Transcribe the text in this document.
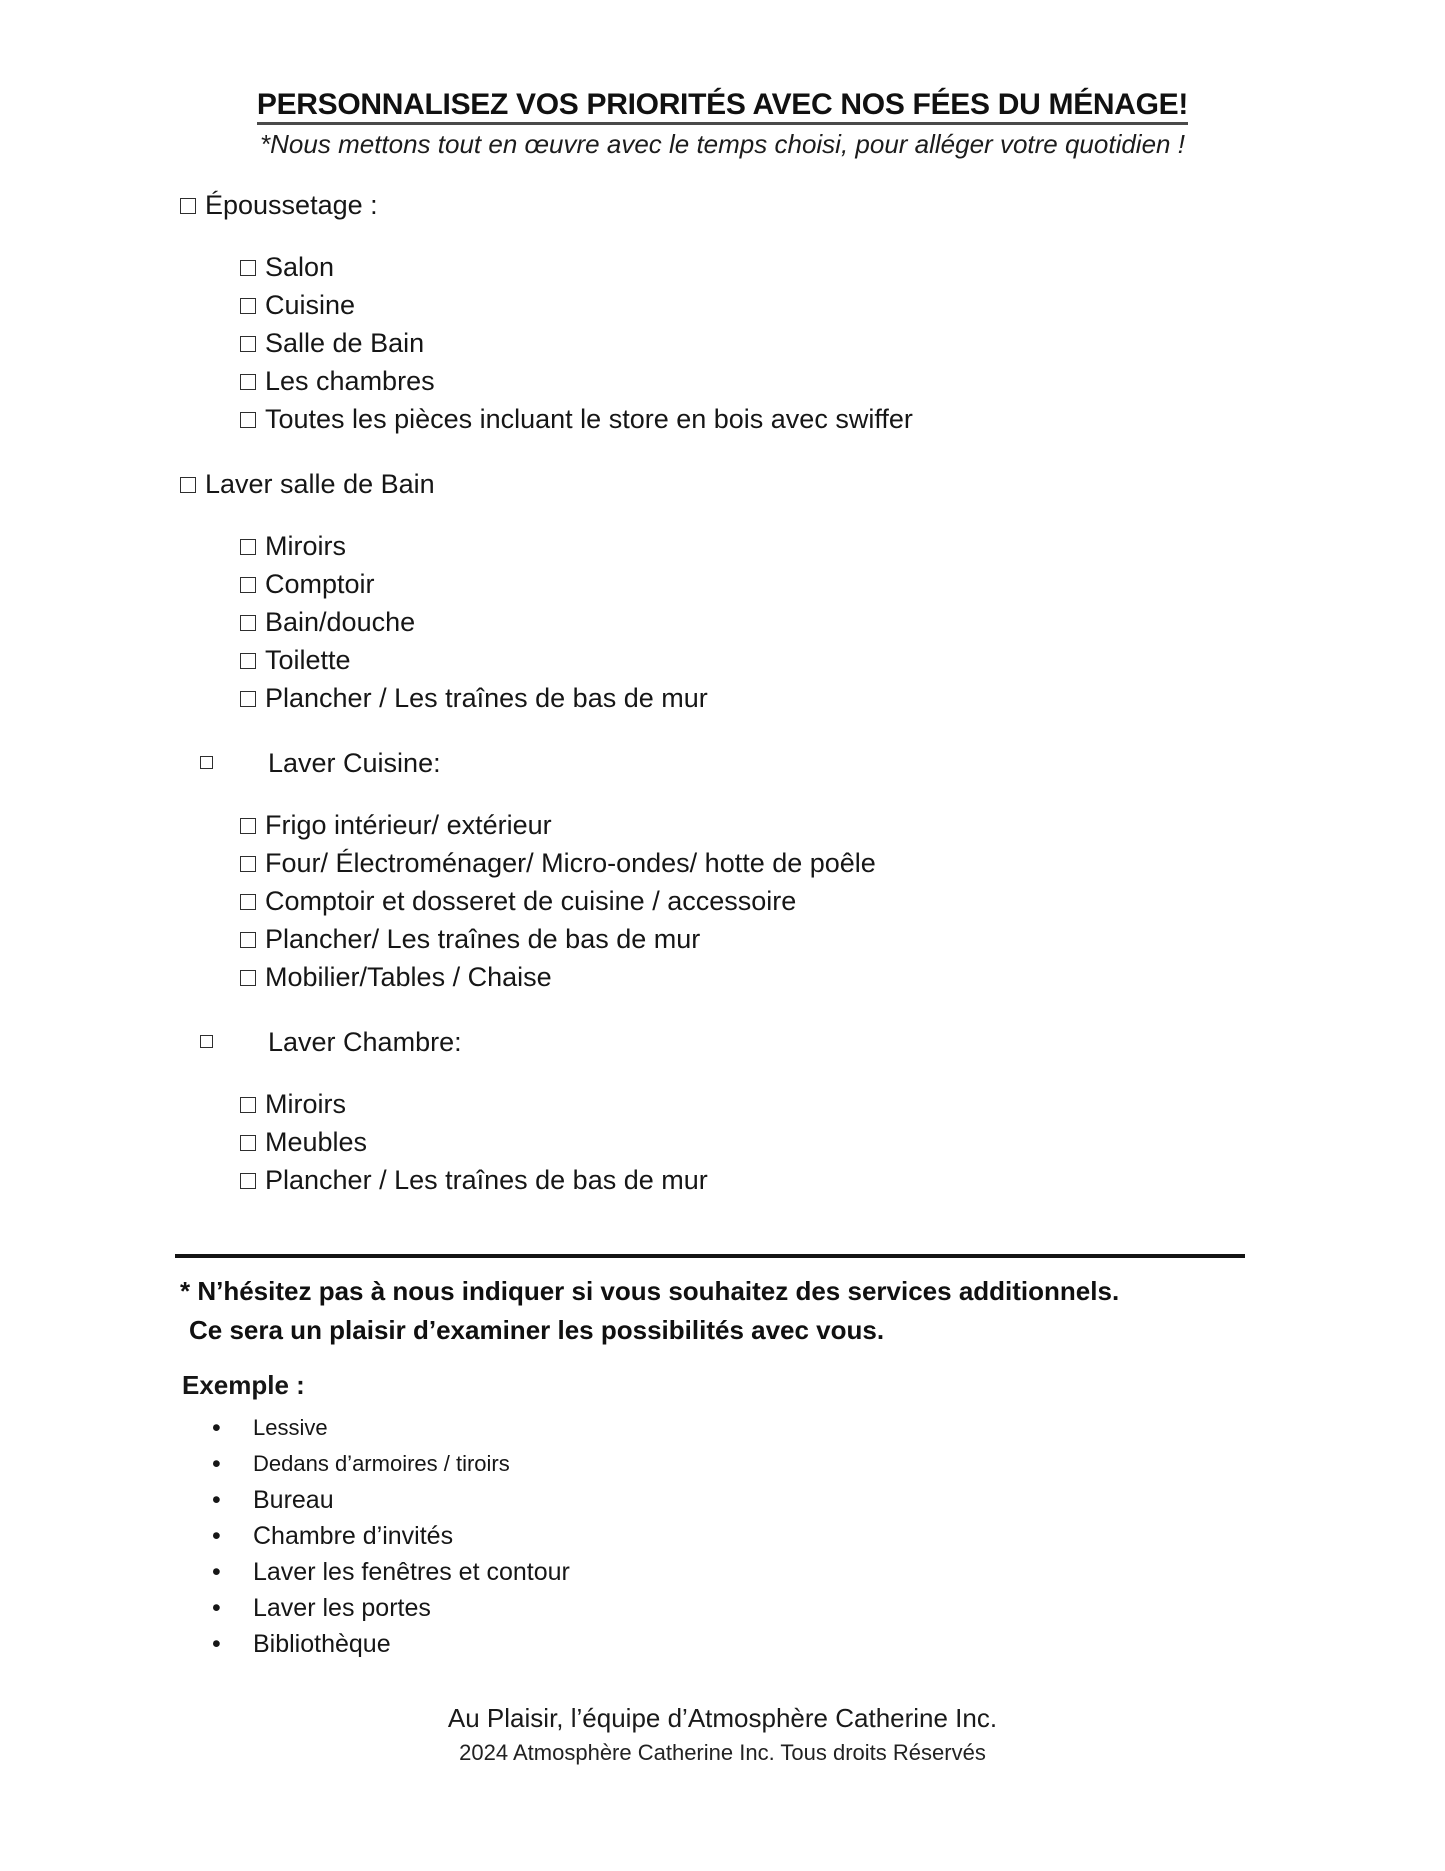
PERSONNALISEZ VOS PRIORITÉS AVEC NOS FÉES DU MÉNAGE!

*Nous mettons tout en œuvre avec le temps choisi, pour alléger votre quotidien !

Époussetage :
Salon
Cuisine
Salle de Bain
Les chambres
Toutes les pièces incluant le store en bois avec swiffer
Laver salle de Bain
Miroirs
Comptoir
Bain/douche
Toilette
Plancher / Les traînes de bas de mur
Laver Cuisine:
Frigo intérieur/ extérieur
Four/ Électroménager/ Micro-ondes/ hotte de poêle
Comptoir et dosseret de cuisine / accessoire
Plancher/ Les traînes de bas de mur
Mobilier/Tables / Chaise
Laver Chambre:
Miroirs
Meubles
Plancher / Les traînes de bas de mur
* N’hésitez pas à nous indiquer si vous souhaitez des services additionnels.
Ce sera un plaisir d’examiner les possibilités avec vous.
Exemple :
• Lessive
• Dedans d’armoires / tiroirs
• Bureau
• Chambre d’invités
• Laver les fenêtres et contour
• Laver les portes
• Bibliothèque
Au Plaisir, l’équipe d’Atmosphère Catherine Inc.
2024 Atmosphère Catherine Inc. Tous droits Réservés
